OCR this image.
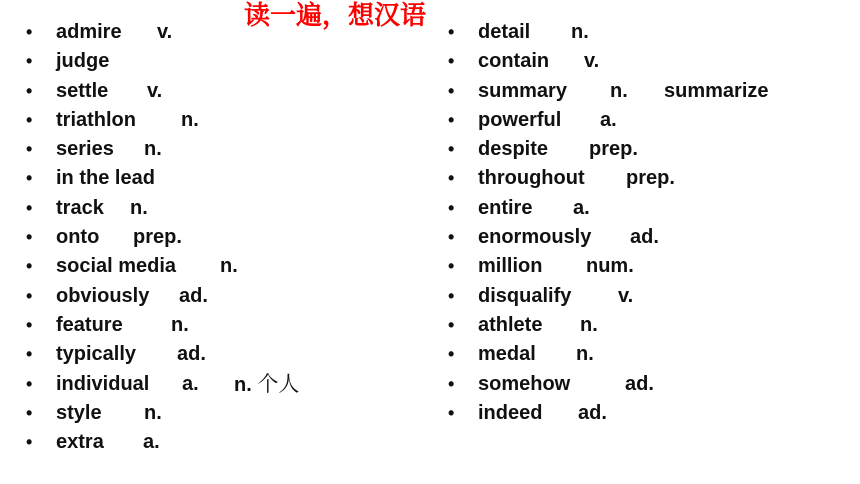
读一遍，想汉语
• admire v.
• judge
• settle v.
• triathlon n.
• series n.
• in the lead
• track n.
• onto prep.
• social media n.
• obviously ad.
• feature n.
• typically ad.
• individual a. n. 个人
• style n.
• extra a.
• detail n.
• contain v.
• summary n. summarize
• powerful a.
• despite prep.
• throughout prep.
• entire a.
• enormously ad.
• million num.
• disqualify v.
• athlete n.
• medal n.
• somehow	ad.
• indeed ad.
